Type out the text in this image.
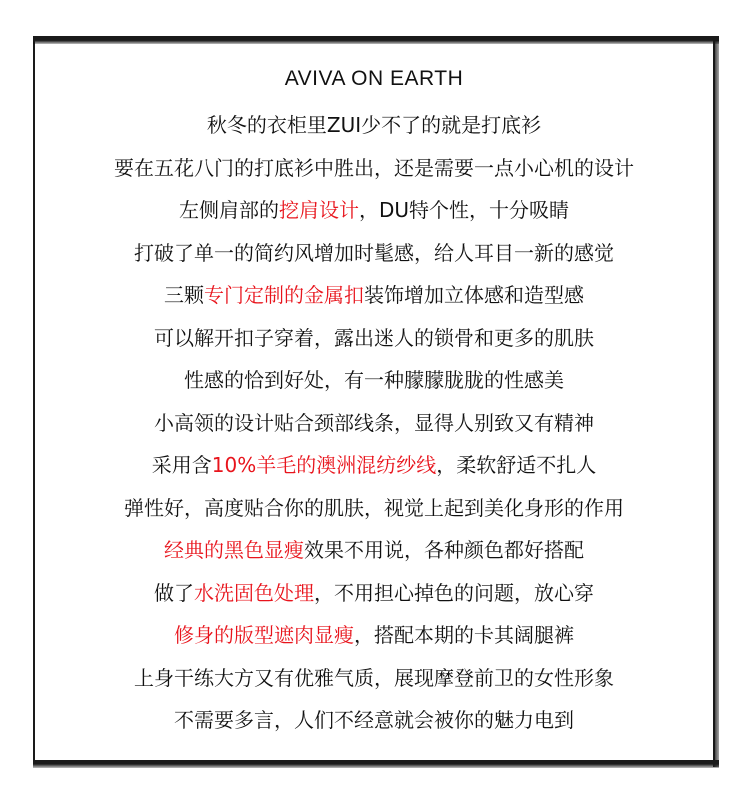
AVIVA ON EARTH
秋冬的衣柜里ZUI少不了的就是打底衫
要在五花八门的打底衫中胜出，还是需要一点小心机的设计
左侧肩部的挖肩设计，DU特个性，十分吸睛
打破了单一的简约风增加时髦感，给人耳目一新的感觉
三颗专门定制的金属扣装饰增加立体感和造型感
可以解开扣子穿着，露出迷人的锁骨和更多的肌肤
性感的恰到好处，有一种朦朦胧胧的性感美
小高领的设计贴合颈部线条，显得人别致又有精神
采用含10%羊毛的澳洲混纺纱线，柔软舒适不扎人
弹性好，高度贴合你的肌肤，视觉上起到美化身形的作用
经典的黑色显瘦效果不用说，各种颜色都好搭配
做了水洗固色处理，不用担心掉色的问题，放心穿
修身的版型遮肉显瘦，搭配本期的卡其阔腿裤
上身干练大方又有优雅气质，展现摩登前卫的女性形象
不需要多言，人们不经意就会被你的魅力电到
